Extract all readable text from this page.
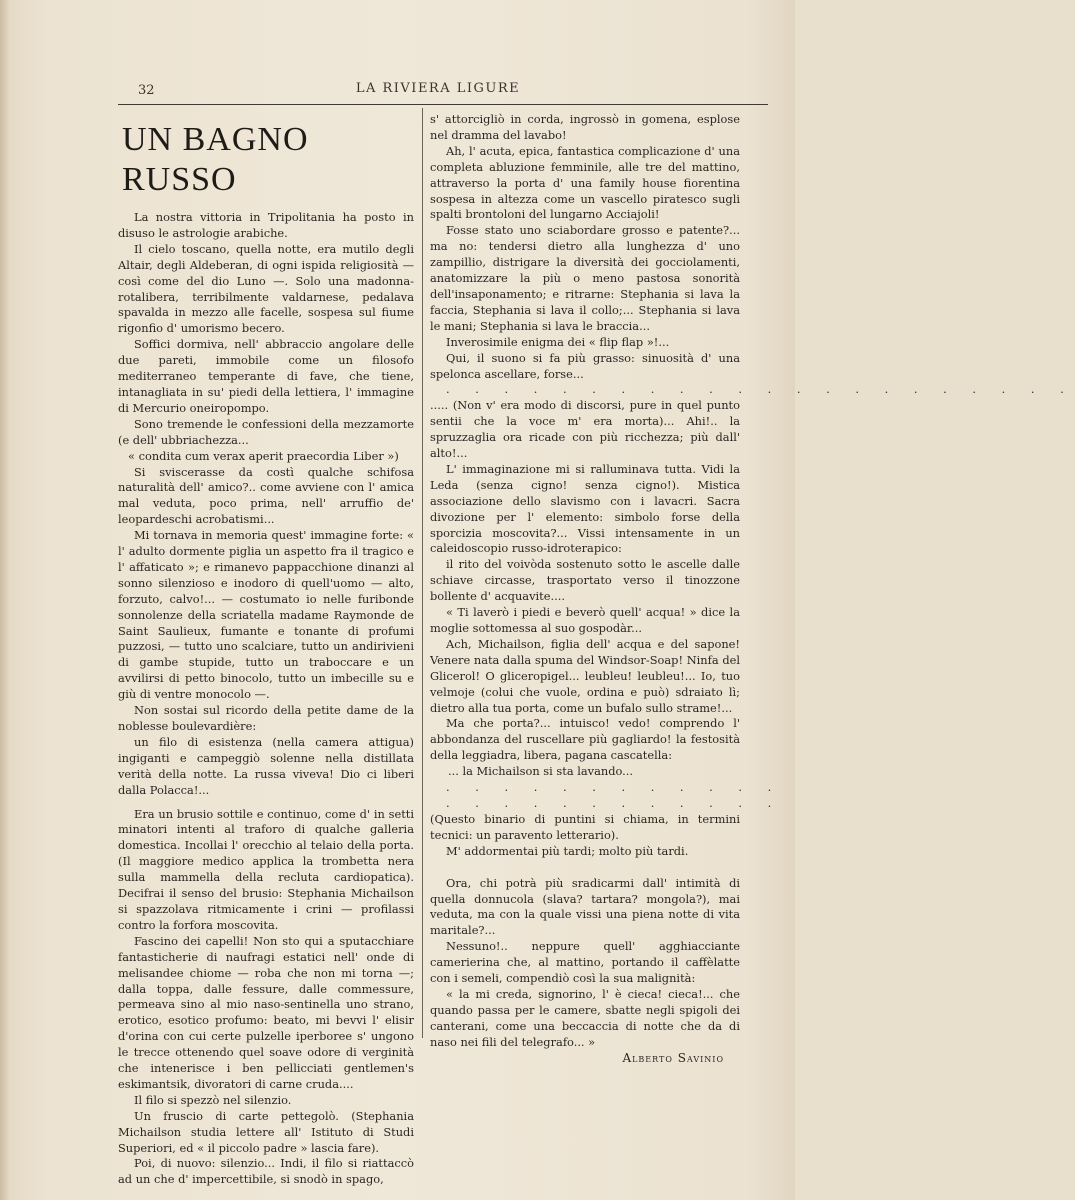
32	LA RIVIERA LIGURE
UN BAGNO RUSSO

La nostra vittoria in Tripolitania ha posto in disuso le astrologie arabiche.

Il cielo toscano, quella notte, era mutilo degli Altair, degli Aldeberan, di ogni ispida religiosità — così come del dio Luno —. Solo una madonna-rotalibera, terribilmente valdarnese, pedalava spavalda in mezzo alle facelle, sospesa sul fiume rigonfio d' umorismo becero.

Soffici dormiva, nell' abbraccio angolare delle due pareti, immobile come un filosofo mediterraneo temperante di fave, che tiene, intanagliata in su' piedi della lettiera, l' immagine di Mercurio oneiropompo.

Sono tremende le confessioni della mezzamorte (e dell' ubbriachezza...

« condita cum verax aperit praecordia Liber »)

Si sviscerasse da costì qualche schifosa naturalità dell' amico?.. come avviene con l' amica mal veduta, poco prima, nell' arruffio de' leopardeschi acrobatismi...

Mi tornava in memoria quest' immagine forte: « l' adulto dormente piglia un aspetto fra il tragico e l' affaticato »; e rimanevo pappacchione dinanzi al sonno silenzioso e inodoro di quell'uomo — alto, forzuto, calvo!... — costumato io nelle furibonde sonnolenze della scriatella madame Raymonde de Saint Saulieux, fumante e tonante di profumi puzzosi, — tutto uno scalciare, tutto un andirivieni di gambe stupide, tutto un traboccare e un avvilirsi di petto binocolo, tutto un imbecille su e giù di ventre monocolo —.

Non sostai sul ricordo della petite dame de la noblesse boulevardière:

un filo di esistenza (nella camera attigua) ingiganti e campeggiò solenne nella distillata verità della notte. La russa viveva! Dio ci liberi dalla Polacca!...

Era un brusio sottile e continuo, come d' in setti minatori intenti al traforo di qualche galleria domestica. Incollai l' orecchio al telaio della porta. (Il maggiore medico applica la trombetta nera sulla mammella della recluta cardiopatica). Decifrai il senso del brusio: Stephania Michailson si spazzolava ritmicamente i crini — profilassi contro la forfora moscovita.

Fascino dei capelli! Non sto qui a sputacchiare fantasticherie di naufragi estatici nell' onde di melisandee chiome — roba che non mi torna —; dalla toppa, dalle fessure, dalle commessure, permeava sino al mio naso-sentinella uno strano, erotico, esotico profumo: beato, mi bevvi l' elisir d'orina con cui certe pulzelle iperboree s' ungono le trecce ottenendo quel soave odore di verginità che intenerisce i ben pellicciati gentlemen's eskimantsik, divoratori di carne cruda....

Il filo si spezzò nel silenzio.

Un fruscio di carte pettegolò. (Stephania Michailson studia lettere all' Istituto di Studi Superiori, ed « il piccolo padre » lascia fare).

Poi, di nuovo: silenzio... Indi, il filo si riattaccò ad un che d' impercettibile, si snodò in spago,

s' attorcigliò in corda, ingrossò in gomena, esplose nel dramma del lavabo!

Ah, l' acuta, epica, fantastica complicazione d' una completa abluzione femminile, alle tre del mattino, attraverso la porta d' una family house fiorentina sospesa in altezza come un vascello piratesco sugli spalti brontoloni del lungarno Acciajoli!

Fosse stato uno sciabordare grosso e patente?... ma no: tendersi dietro alla lunghezza d' uno zampillio, distrigare la diversità dei gocciolamenti, anatomizzare la più o meno pastosa sonorità dell'insaponamento; e ritrarne: Stephania si lava la faccia, Stephania si lava il collo;... Stephania si lava le mani; Stephania si lava le braccia...

Inverosimile enigma dei « flip flap »!...

Qui, il suono si fa più grasso: sinuosità d' una spelonca ascellare, forse...

. . . . . . . . . . . . . . . . . . . . . .

..... (Non v' era modo di discorsi, pure in quel punto sentii che la voce m' era morta)... Ahi!.. la spruzzaglia ora ricade con più ricchezza; più dall' alto!...

L' immaginazione mi si ralluminava tutta. Vidi la Leda (senza cigno! senza cigno!). Mistica associazione dello slavismo con i lavacri. Sacra divozione per l' elemento: simbolo forse della sporcizia moscovita?... Vissi intensamente in un caleidoscopio russo-idroterapico:

il rito del voivòda sostenuto sotto le ascelle dalle schiave circasse, trasportato verso il tinozzone bollente d' acquavite....

« Ti laverò i piedi e beverò quell' acqua! » dice la moglie sottomessa al suo gospodàr...

Ach, Michailson, figlia dell' acqua e del sapone! Venere nata dalla spuma del Windsor-Soap! Ninfa del Glicerol! O gliceropigel... leubleu! leubleu!... Io, tuo velmoje (colui che vuole, ordina e può) sdraiato lì; dietro alla tua porta, come un bufalo sullo strame!...

Ma che porta?... intuisco! vedo! comprendo l' abbondanza del ruscellare più gagliardo! la festosità della leggiadra, libera, pagana cascatella:

... la Michailson si sta lavando...

. . . . . . . . . . . .

. . . . . . . . . . . .

(Questo binario di puntini si chiama, in termini tecnici: un paravento letterario).

M' addormentai più tardi; molto più tardi.

Ora, chi potrà più sradicarmi dall' intimità di quella donnucola (slava? tartara? mongola?), mai veduta, ma con la quale vissi una piena notte di vita maritale?...

Nessuno!.. neppure quell' agghiacciante camerierina che, al mattino, portando il caffèlatte con i semeli, compendiò così la sua malignità:

« la mi creda, signorino, l' è cieca! cieca!... che quando passa per le camere, sbatte negli spigoli dei canterani, come una beccaccia di notte che da di naso nei fili del telegrafo... »

Alberto Savinio
